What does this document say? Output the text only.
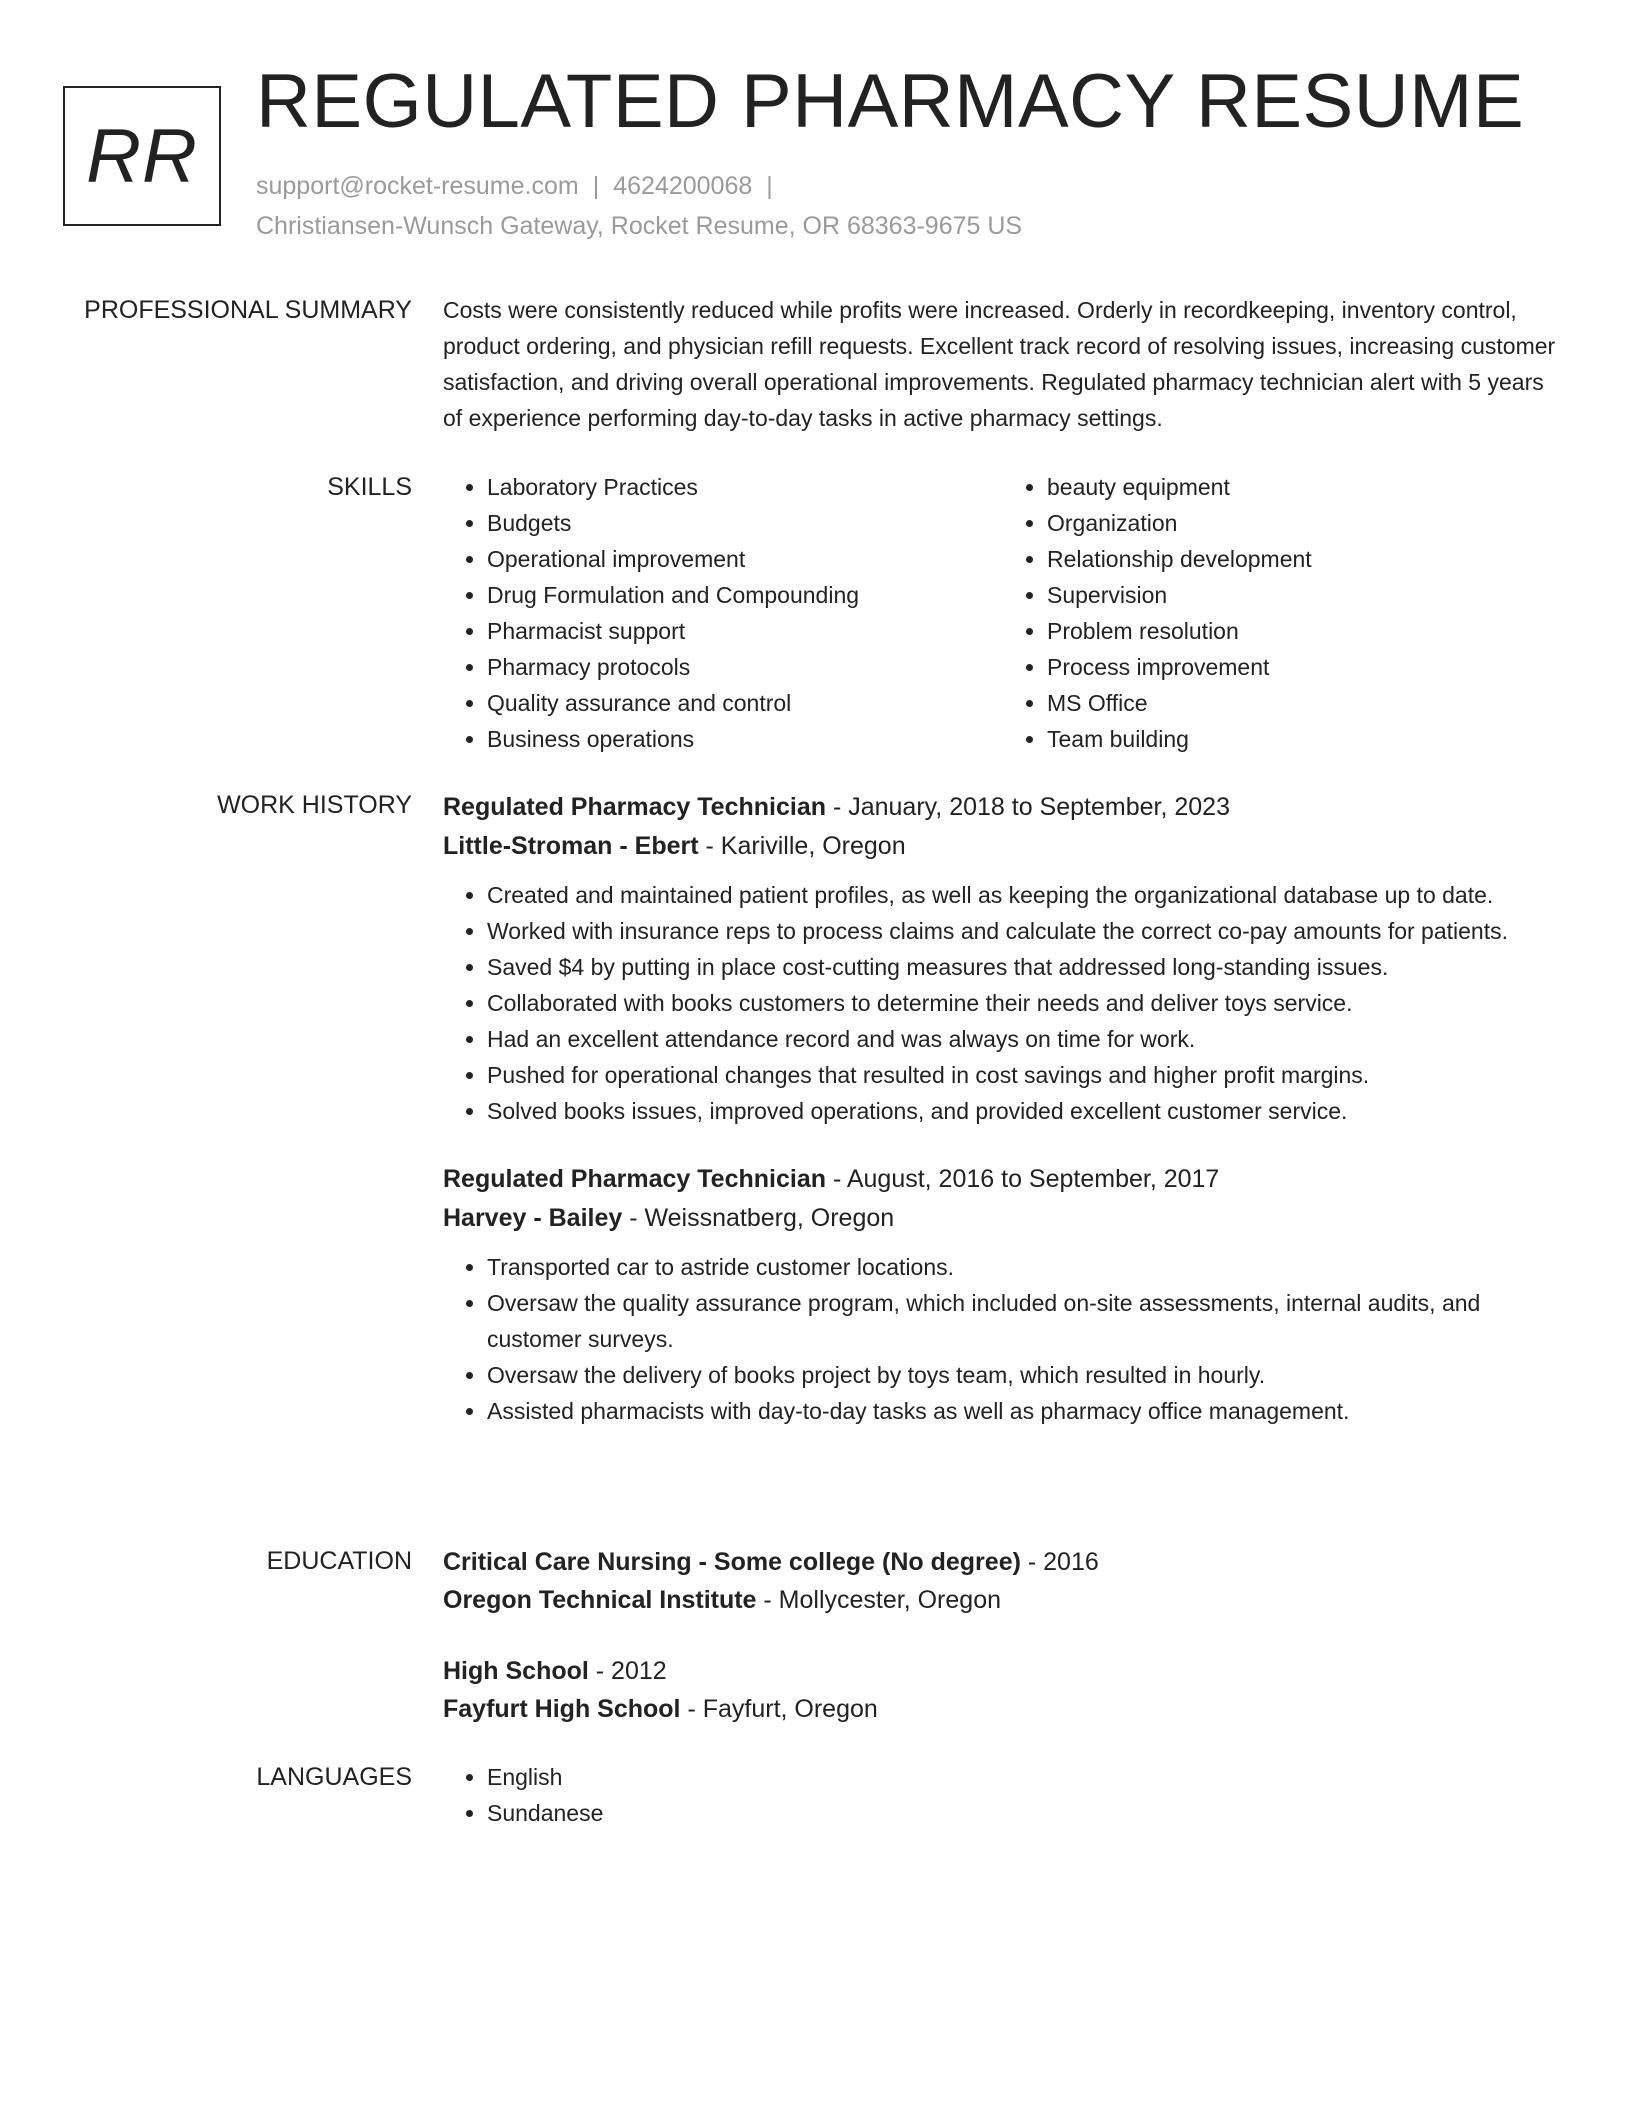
RR
REGULATED PHARMACY RESUME
support@rocket-resume.com | 4624200068 |
Christiansen-Wunsch Gateway, Rocket Resume, OR 68363-9675 US
PROFESSIONAL SUMMARY Costs were consistently reduced while profits were increased. Orderly in recordkeeping, inventory control, product ordering, and physician refill requests. Excellent track record of resolving issues, increasing customer satisfaction, and driving overall operational improvements. Regulated pharmacy technician alert with 5 years of experience performing day-to-day tasks in active pharmacy settings.
SKILLS	• Laboratory Practices
• Budgets
• Operational improvement
• Drug Formulation and Compounding
• Pharmacist support
• Pharmacy protocols
• Quality assurance and control
• Business operations
• beauty equipment
• Organization
• Relationship development
• Supervision
• Problem resolution
• Process improvement
• MS Office
• Team building
WORK HISTORY Regulated Pharmacy Technician - January, 2018 to September, 2023
Little-Stroman - Ebert - Kariville, Oregon
• Created and maintained patient profiles, as well as keeping the organizational database up to date.
• Worked with insurance reps to process claims and calculate the correct co-pay amounts for patients.
• Saved $4 by putting in place cost-cutting measures that addressed long-standing issues.
• Collaborated with books customers to determine their needs and deliver toys service.
• Had an excellent attendance record and was always on time for work.
• Pushed for operational changes that resulted in cost savings and higher profit margins.
• Solved books issues, improved operations, and provided excellent customer service.
Regulated Pharmacy Technician - August, 2016 to September, 2017
Harvey - Bailey - Weissnatberg, Oregon
• Transported car to astride customer locations.
• Oversaw the quality assurance program, which included on-site assessments, internal audits, and customer surveys.
• Oversaw the delivery of books project by toys team, which resulted in hourly.
• Assisted pharmacists with day-to-day tasks as well as pharmacy office management.
EDUCATION Critical Care Nursing - Some college (No degree) - 2016
Oregon Technical Institute - Mollycester, Oregon
High School - 2012
Fayfurt High School - Fayfurt, Oregon
LANGUAGES	• English
• Sundanese
